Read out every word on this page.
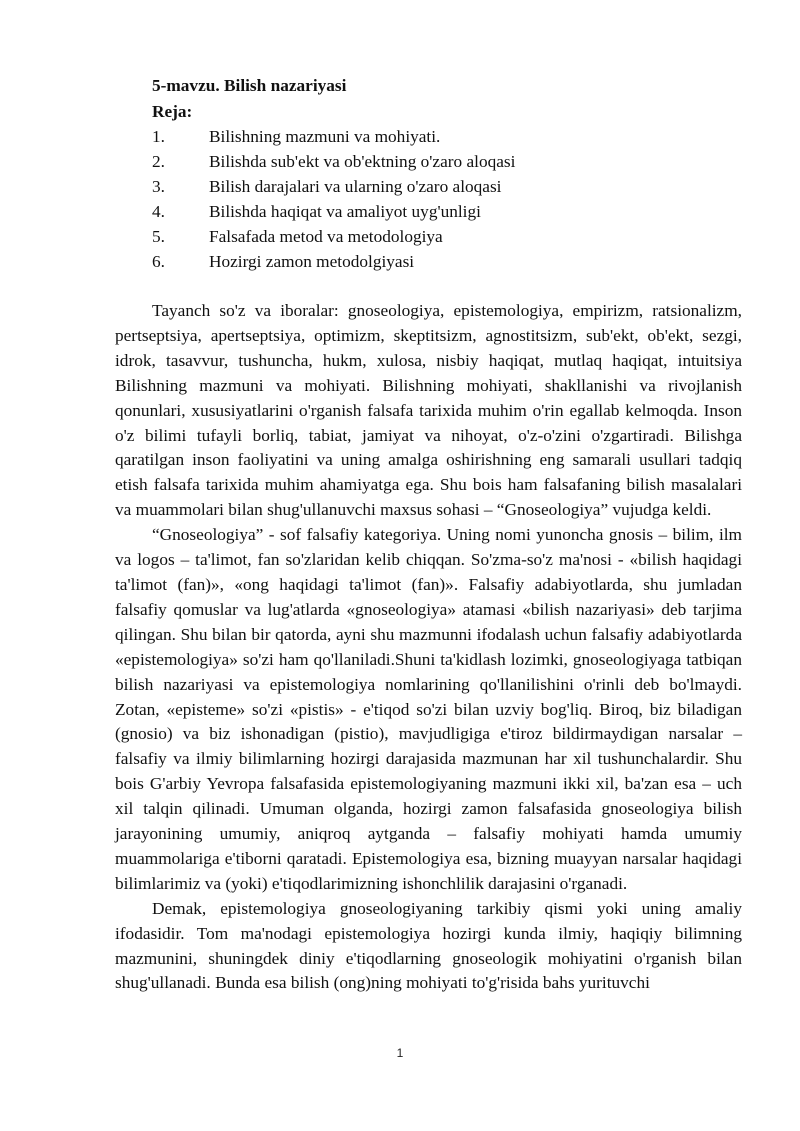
5-mavzu. Bilish nazariyasi

Reja:

1.	Bilishning mazmuni va mohiyati.
2.	Bilishda sub'ekt va ob'ektning o'zaro aloqasi
3.	Bilish darajalari va ularning o'zaro aloqasi
4.	Bilishda haqiqat va amaliyot uyg'unligi
5.	Falsafada metod va metodologiya
6.	Hozirgi zamon metodolgiyasi

Tayanch so'z va iboralar: gnoseologiya, epistemologiya, empirizm, ratsionalizm, pertseptsiya, apertseptsiya, optimizm, skeptitsizm, agnostitsizm, sub'ekt, ob'ekt, sezgi, idrok, tasavvur, tushuncha, hukm, xulosa, nisbiy haqiqat, mutlaq haqiqat, intuitsiya Bilishning mazmuni va mohiyati. Bilishning mohiyati, shakllanishi va rivojlanish qonunlari, xususiyatlarini o'rganish falsafa tarixida muhim o'rin egallab kelmoqda. Inson o'z bilimi tufayli borliq, tabiat, jamiyat va nihoyat, o'z-o'zini o'zgartiradi. Bilishga qaratilgan inson faoliyatini va uning amalga oshirishning eng samarali usullari tadqiq etish falsafa tarixida muhim ahamiyatga ega. Shu bois ham falsafaning bilish masalalari va muammolari bilan shug'ullanuvchi maxsus sohasi – “Gnoseologiya” vujudga keldi.

“Gnoseologiya” - sof falsafiy kategoriya. Uning nomi yunoncha gnosis – bilim, ilm va logos – ta'limot, fan so'zlaridan kelib chiqqan. So'zma-so'z ma'nosi - «bilish haqidagi ta'limot (fan)», «ong haqidagi ta'limot (fan)». Falsafiy adabiyotlarda, shu jumladan falsafiy qomuslar va lug'atlarda «gnoseologiya» atamasi «bilish nazariyasi» deb tarjima qilingan. Shu bilan bir qatorda, ayni shu mazmunni ifodalash uchun falsafiy adabiyotlarda «epistemologiya» so'zi ham qo'llaniladi.Shuni ta'kidlash lozimki, gnoseologiyaga tatbiqan bilish nazariyasi va epistemologiya nomlarining qo'llanilishini o'rinli deb bo'lmaydi. Zotan, «episteme» so'zi «pistis» - e'tiqod so'zi bilan uzviy bog'liq. Biroq, biz biladigan (gnosio) va biz ishonadigan (pistio), mavjudligiga e'tiroz bildirmaydigan narsalar – falsafiy va ilmiy bilimlarning hozirgi darajasida mazmunan har xil tushunchalardir. Shu bois G'arbiy Yevropa falsafasida epistemologiyaning mazmuni ikki xil, ba'zan esa – uch xil talqin qilinadi. Umuman olganda, hozirgi zamon falsafasida gnoseologiya bilish jarayonining umumiy, aniqroq aytganda – falsafiy mohiyati hamda umumiy muammolariga e'tiborni qaratadi. Epistemologiya esa, bizning muayyan narsalar haqidagi bilimlarimiz va (yoki) e'tiqodlarimizning ishonchlilik darajasini o'rganadi.

Demak, epistemologiya gnoseologiyaning tarkibiy qismi yoki uning amaliy ifodasidir. Tom ma'nodagi epistemologiya hozirgi kunda ilmiy, haqiqiy bilimning mazmunini, shuningdek diniy e'tiqodlarning gnoseologik mohiyatini o'rganish bilan shug'ullanadi. Bunda esa bilish (ong)ning mohiyati to'g'risida bahs yurituvchi

1
